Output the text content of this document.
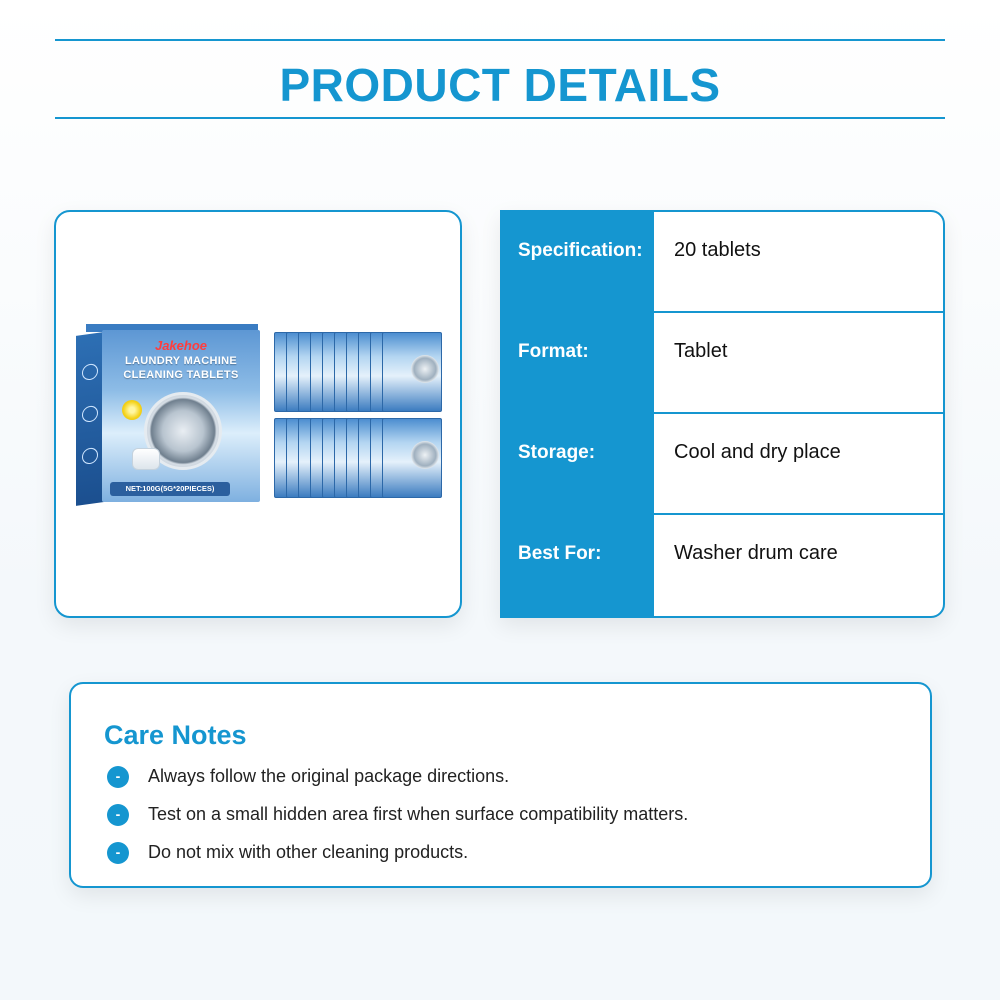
PRODUCT DETAILS
Jakehoe
LAUNDRY MACHINE
CLEANING TABLETS
NET:100G(5G*20PIECES)
Specification: 20 tablets
Format:	Tablet
Storage:	Cool and dry place
Best For:	Washer drum care
Care Notes
-	Always follow the original package directions.
-	Test on a small hidden area first when surface compatibility matters.
-	Do not mix with other cleaning products.
